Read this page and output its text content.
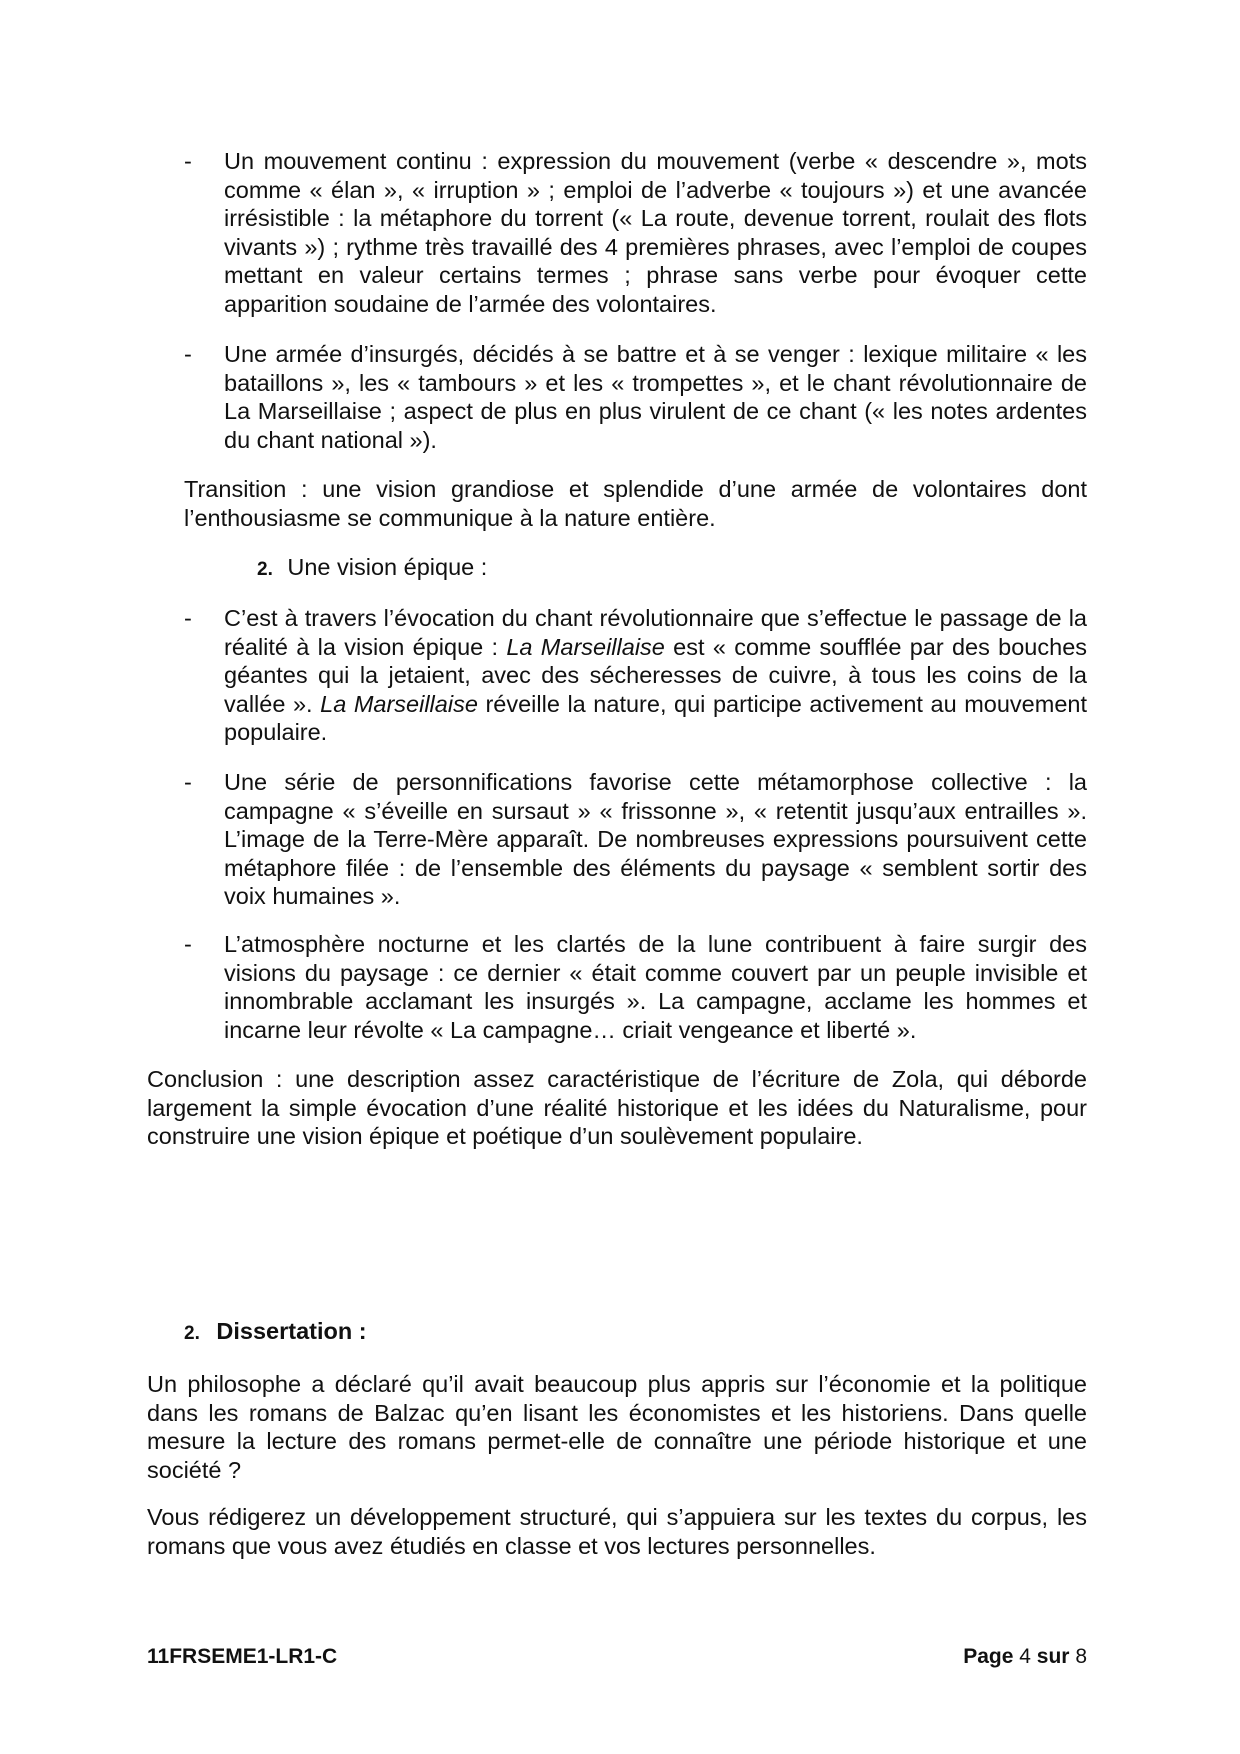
- Un mouvement continu : expression du mouvement (verbe « descendre », mots comme « élan », « irruption » ; emploi de l’adverbe « toujours ») et une avancée irrésistible : la métaphore du torrent (« La route, devenue torrent, roulait des flots vivants ») ; rythme très travaillé des 4 premières phrases, avec l’emploi de coupes mettant en valeur certains termes ; phrase sans verbe pour évoquer cette apparition soudaine de l’armée des volontaires.

- Une armée d’insurgés, décidés à se battre et à se venger : lexique militaire « les bataillons », les « tambours » et les « trompettes », et le chant révolutionnaire de La Marseillaise ; aspect de plus en plus virulent de ce chant (« les notes ardentes du chant national »).

Transition : une vision grandiose et splendide d’une armée de volontaires dont l’enthousiasme se communique à la nature entière.

2. Une vision épique :
- C’est à travers l’évocation du chant révolutionnaire que s’effectue le passage de la réalité à la vision épique : La Marseillaise est « comme soufflée par des bouches géantes qui la jetaient, avec des sécheresses de cuivre, à tous les coins de la vallée ». La Marseillaise réveille la nature, qui participe activement au mouvement populaire.

- Une série de personnifications favorise cette métamorphose collective : la campagne « s’éveille en sursaut » « frissonne », « retentit jusqu’aux entrailles ». L’image de la Terre-Mère apparaît. De nombreuses expressions poursuivent cette métaphore filée : de l’ensemble des éléments du paysage « semblent sortir des voix humaines ».

- L’atmosphère nocturne et les clartés de la lune contribuent à faire surgir des visions du paysage : ce dernier « était comme couvert par un peuple invisible et innombrable acclamant les insurgés ». La campagne, acclame les hommes et incarne leur révolte « La campagne… criait vengeance et liberté ».

Conclusion : une description assez caractéristique de l’écriture de Zola, qui déborde largement la simple évocation d’une réalité historique et les idées du Naturalisme, pour construire une vision épique et poétique d’un soulèvement populaire.

2. Dissertation :

Un philosophe a déclaré qu’il avait beaucoup plus appris sur l’économie et la politique dans les romans de Balzac qu’en lisant les économistes et les historiens. Dans quelle mesure la lecture des romans permet-elle de connaître une période historique et une société ?

Vous rédigerez un développement structuré, qui s’appuiera sur les textes du corpus, les romans que vous avez étudiés en classe et vos lectures personnelles.

11FRSEME1-LR1-C	Page 4 sur 8
